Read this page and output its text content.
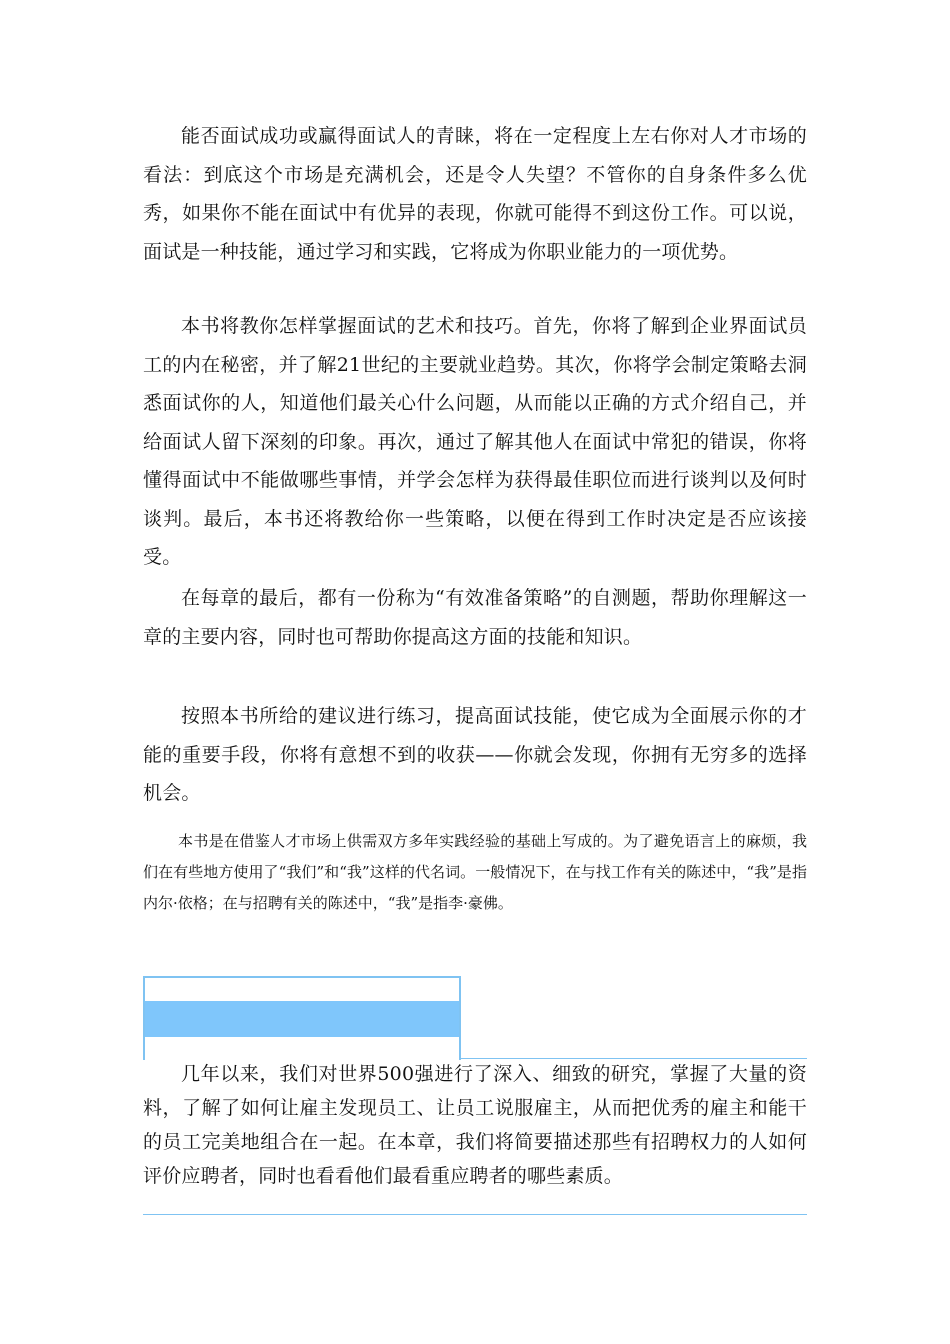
能否面试成功或赢得面试人的青睐，将在一定程度上左右你对人才市场的看法：到底这个市场是充满机会，还是令人失望？不管你的自身条件多么优秀，如果你不能在面试中有优异的表现，你就可能得不到这份工作。可以说，面试是一种技能，通过学习和实践，它将成为你职业能力的一项优势。

本书将教你怎样掌握面试的艺术和技巧。首先，你将了解到企业界面试员工的内在秘密，并了解21世纪的主要就业趋势。其次，你将学会制定策略去洞悉面试你的人，知道他们最关心什么问题，从而能以正确的方式介绍自己，并给面试人留下深刻的印象。再次，通过了解其他人在面试中常犯的错误，你将懂得面试中不能做哪些事情，并学会怎样为获得最佳职位而进行谈判以及何时谈判。最后，本书还将教给你一些策略，以便在得到工作时决定是否应该接受。

在每章的最后，都有一份称为“有效准备策略”的自测题，帮助你理解这一章的主要内容，同时也可帮助你提高这方面的技能和知识。

按照本书所给的建议进行练习，提高面试技能，使它成为全面展示你的才能的重要手段，你将有意想不到的收获——你就会发现，你拥有无穷多的选择机会。

本书是在借鉴人才市场上供需双方多年实践经验的基础上写成的。为了避免语言上的麻烦，我们在有些地方使用了“我们”和“我”这样的代名词。一般情况下，在与找工作有关的陈述中，“我”是指内尔·依格；在与招聘有关的陈述中，“我”是指李·豪佛。

几年以来，我们对世界500强进行了深入、细致的研究，掌握了大量的资料，了解了如何让雇主发现员工、让员工说服雇主，从而把优秀的雇主和能干的员工完美地组合在一起。在本章，我们将简要描述那些有招聘权力的人如何评价应聘者，同时也看看他们最看重应聘者的哪些素质。
